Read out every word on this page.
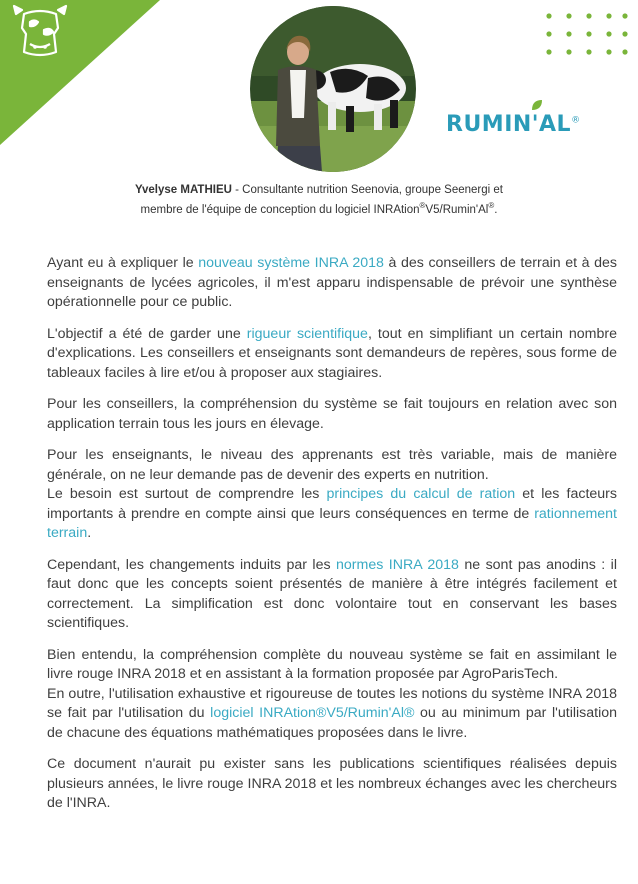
RUMIN'AL®
Yvelyse MATHIEU - Consultante nutrition Seenovia, groupe Seenergi et
membre de l'équipe de conception du logiciel INRAtion®V5/Rumin'Al®.

Ayant eu à expliquer le nouveau système INRA 2018 à des conseillers de terrain et à des enseignants de lycées agricoles, il m'est apparu indispensable de prévoir une synthèse opérationnelle pour ce public.

L'objectif a été de garder une rigueur scientifique, tout en simplifiant un certain nombre d'explications. Les conseillers et enseignants sont demandeurs de repères, sous forme de tableaux faciles à lire et/ou à proposer aux stagiaires.

Pour les conseillers, la compréhension du système se fait toujours en relation avec son application terrain tous les jours en élevage.

Pour les enseignants, le niveau des apprenants est très variable, mais de manière générale, on ne leur demande pas de devenir des experts en nutrition.

Le besoin est surtout de comprendre les principes du calcul de ration et les facteurs importants à prendre en compte ainsi que leurs conséquences en terme de rationnement terrain.

Cependant, les changements induits par les normes INRA 2018 ne sont pas anodins : il faut donc que les concepts soient présentés de manière à être intégrés facilement et correctement. La simplification est donc volontaire tout en conservant les bases scientifiques.

Bien entendu, la compréhension complète du nouveau système se fait en assimilant le livre rouge INRA 2018 et en assistant à la formation proposée par AgroParisTech.

En outre, l'utilisation exhaustive et rigoureuse de toutes les notions du système INRA 2018 se fait par l'utilisation du logiciel INRAtion®V5/Rumin'Al® ou au minimum par l'utilisation de chacune des équations mathématiques proposées dans le livre.

Ce document n'aurait pu exister sans les publications scientifiques réalisées depuis plusieurs années, le livre rouge INRA 2018 et les nombreux échanges avec les chercheurs de l'INRA.
